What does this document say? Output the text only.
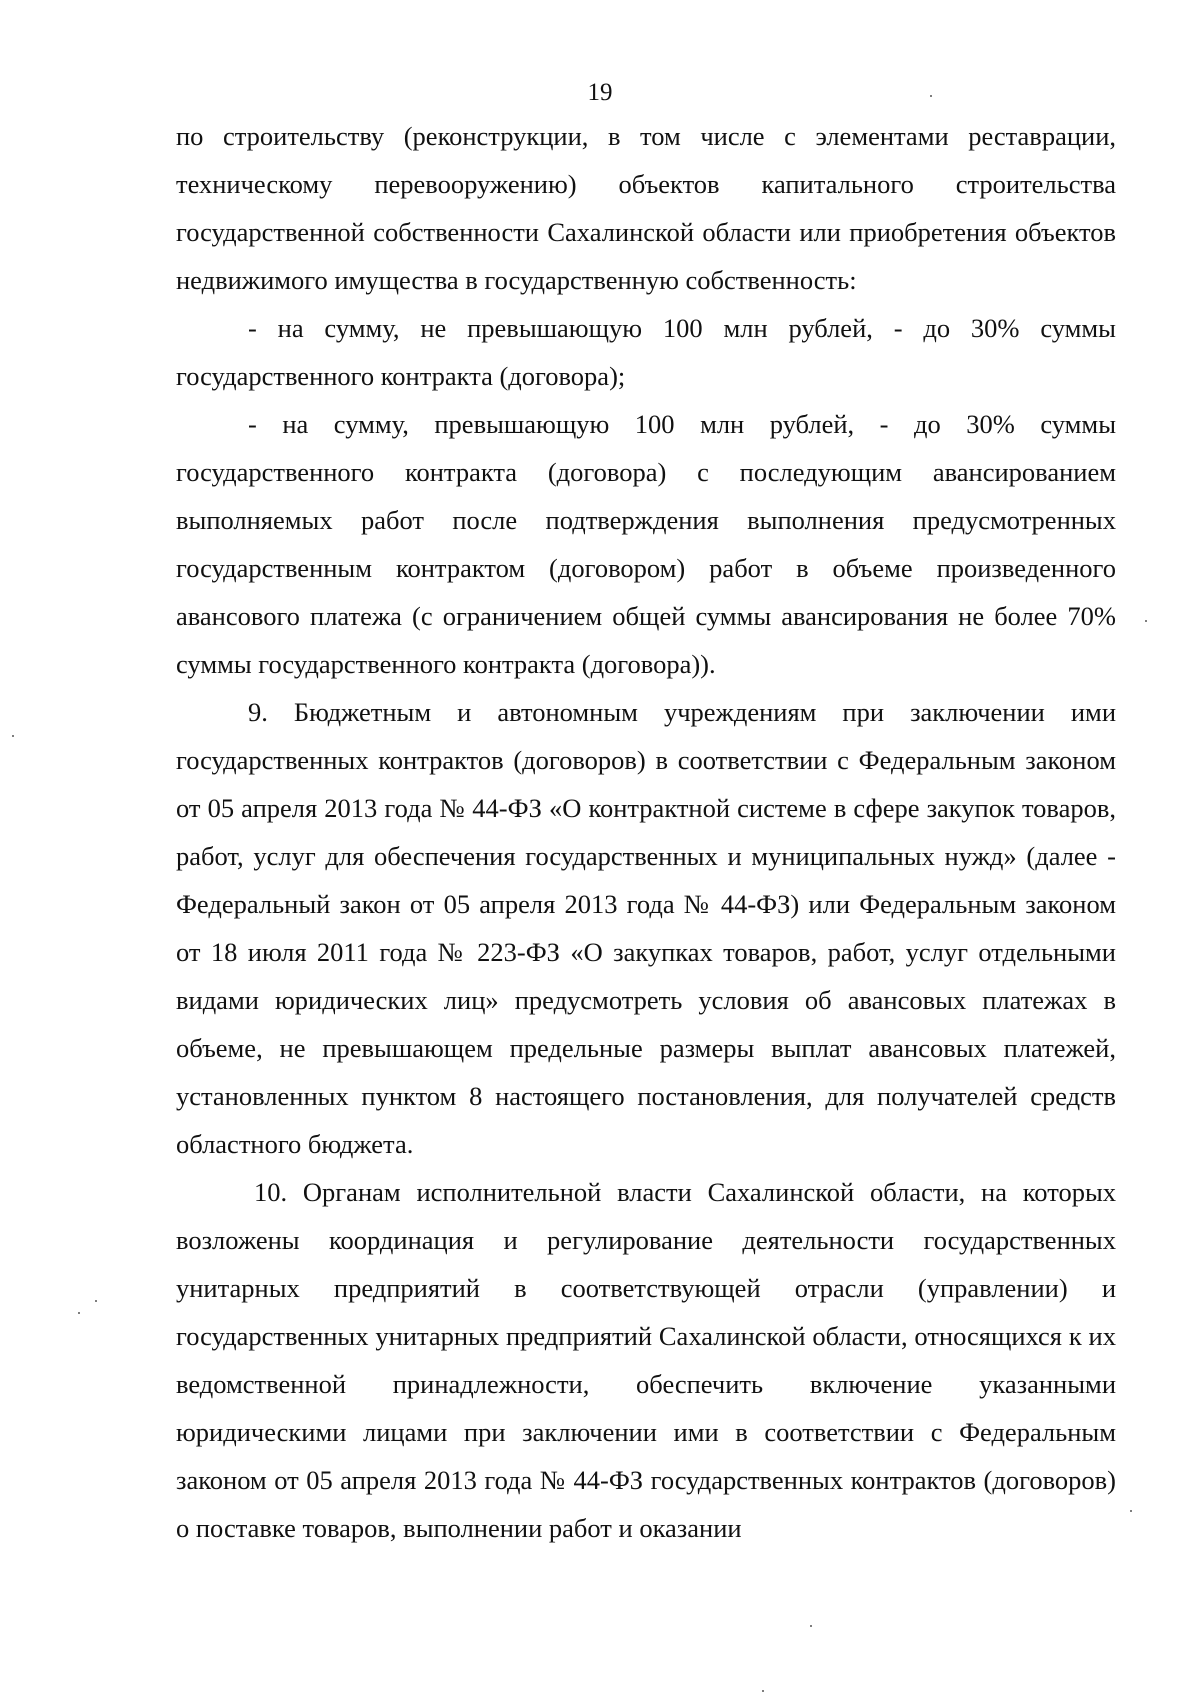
19

по строительству (реконструкции, в том числе с элементами реставрации, техническому перевооружению) объектов капитального строительства государственной собственности Сахалинской области или приобретения объектов недвижимого имущества в государственную собственность:

- на сумму, не превышающую 100 млн рублей, - до 30% суммы государственного контракта (договора);

- на сумму, превышающую 100 млн рублей, - до 30% суммы государственного контракта (договора) с последующим авансированием выполняемых работ после подтверждения выполнения предусмотренных государственным контрактом (договором) работ в объеме произведенного авансового платежа (с ограничением общей суммы авансирования не более 70% суммы государственного контракта (договора)).

9. Бюджетным и автономным учреждениям при заключении ими государственных контрактов (договоров) в соответствии с Федеральным законом от 05 апреля 2013 года № 44-ФЗ «О контрактной системе в сфере закупок товаров, работ, услуг для обеспечения государственных и муниципальных нужд» (далее - Федеральный закон от 05 апреля 2013 года № 44-ФЗ) или Федеральным законом от 18 июля 2011 года № 223-ФЗ «О закупках товаров, работ, услуг отдельными видами юридических лиц» предусмотреть условия об авансовых платежах в объеме, не превышающем предельные размеры выплат авансовых платежей, установленных пунктом 8 настоящего постановления, для получателей средств областного бюджета.

10. Органам исполнительной власти Сахалинской области, на которых возложены координация и регулирование деятельности государственных унитарных предприятий в соответствующей отрасли (управлении) и государственных унитарных предприятий Сахалинской области, относящихся к их ведомственной принадлежности, обеспечить включение указанными юридическими лицами при заключении ими в соответствии с Федеральным законом от 05 апреля 2013 года № 44-ФЗ государственных контрактов (договоров) о поставке товаров, выполнении работ и оказании
